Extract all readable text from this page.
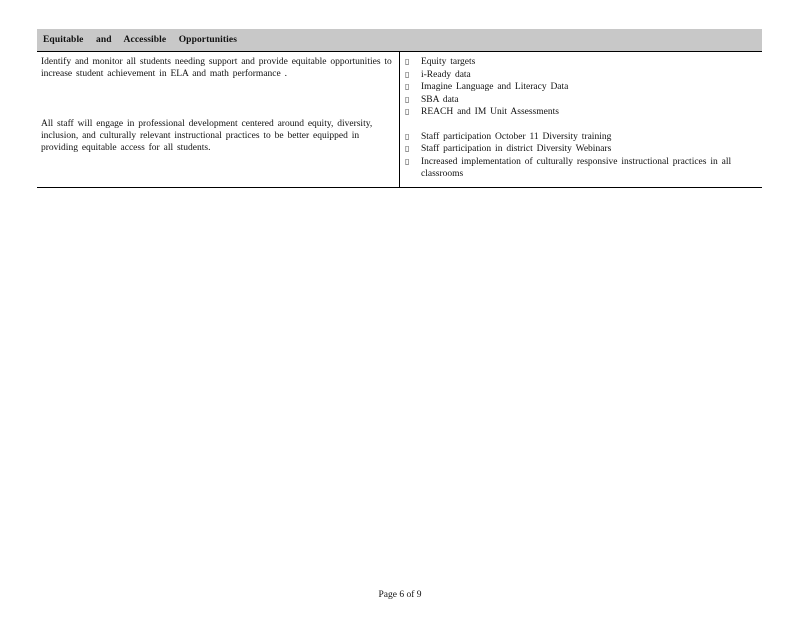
Equitable and Accessible Opportunities
Identify and monitor all students needing support and provide equitable opportunities to increase student achievement in ELA and math performance .
All staff will engage in professional development centered around equity, diversity, inclusion, and culturally relevant instructional practices to be better equipped in providing equitable access for all students.
▯	Equity targets
▯	i-Ready data
▯	Imagine Language and Literacy Data
▯	SBA data
▯	REACH and IM Unit Assessments
▯	Staff participation October 11 Diversity training
▯	Staff participation in district Diversity Webinars
▯	Increased implementation of culturally responsive instructional practices in all classrooms
Page 6 of 9
